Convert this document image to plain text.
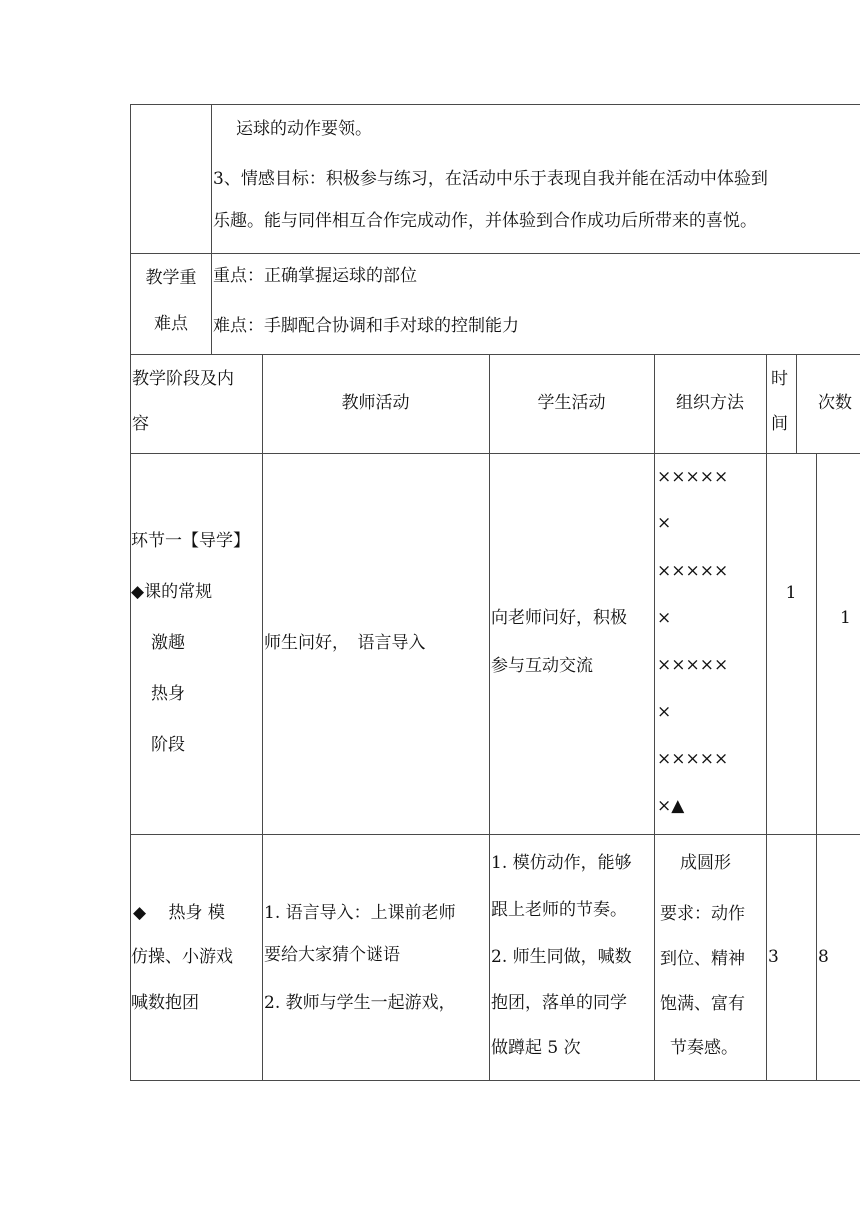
运球的动作要领。
3、情感目标：积极参与练习，在活动中乐于表现自我并能在活动中体验到
乐趣。能与同伴相互合作完成动作，并体验到合作成功后所带来的喜悦。
教学重
难点
重点：正确掌握运球的部位
难点：手脚配合协调和手对球的控制能力
教学阶段及内
容
教师活动	学生活动	组织方法
时
间
次数
环节一【导学】
◆课的常规
激趣
热身
阶段
师生问好，　语言导入
向老师问好，积极
参与互动交流
×××××
×
×××××
×
×××××
×
×××××
×▲
1
1
◆　 热身 模
仿操、小游戏
喊数抱团
1. 语言导入：上课前老师
要给大家猜个谜语
2. 教师与学生一起游戏，
1. 模仿动作，能够
跟上老师的节奏。
2. 师生同做，喊数
抱团，落单的同学
做蹲起 5 次
成圆形
要求：动作
到位、精神
饱满、富有
节奏感。
3 8
